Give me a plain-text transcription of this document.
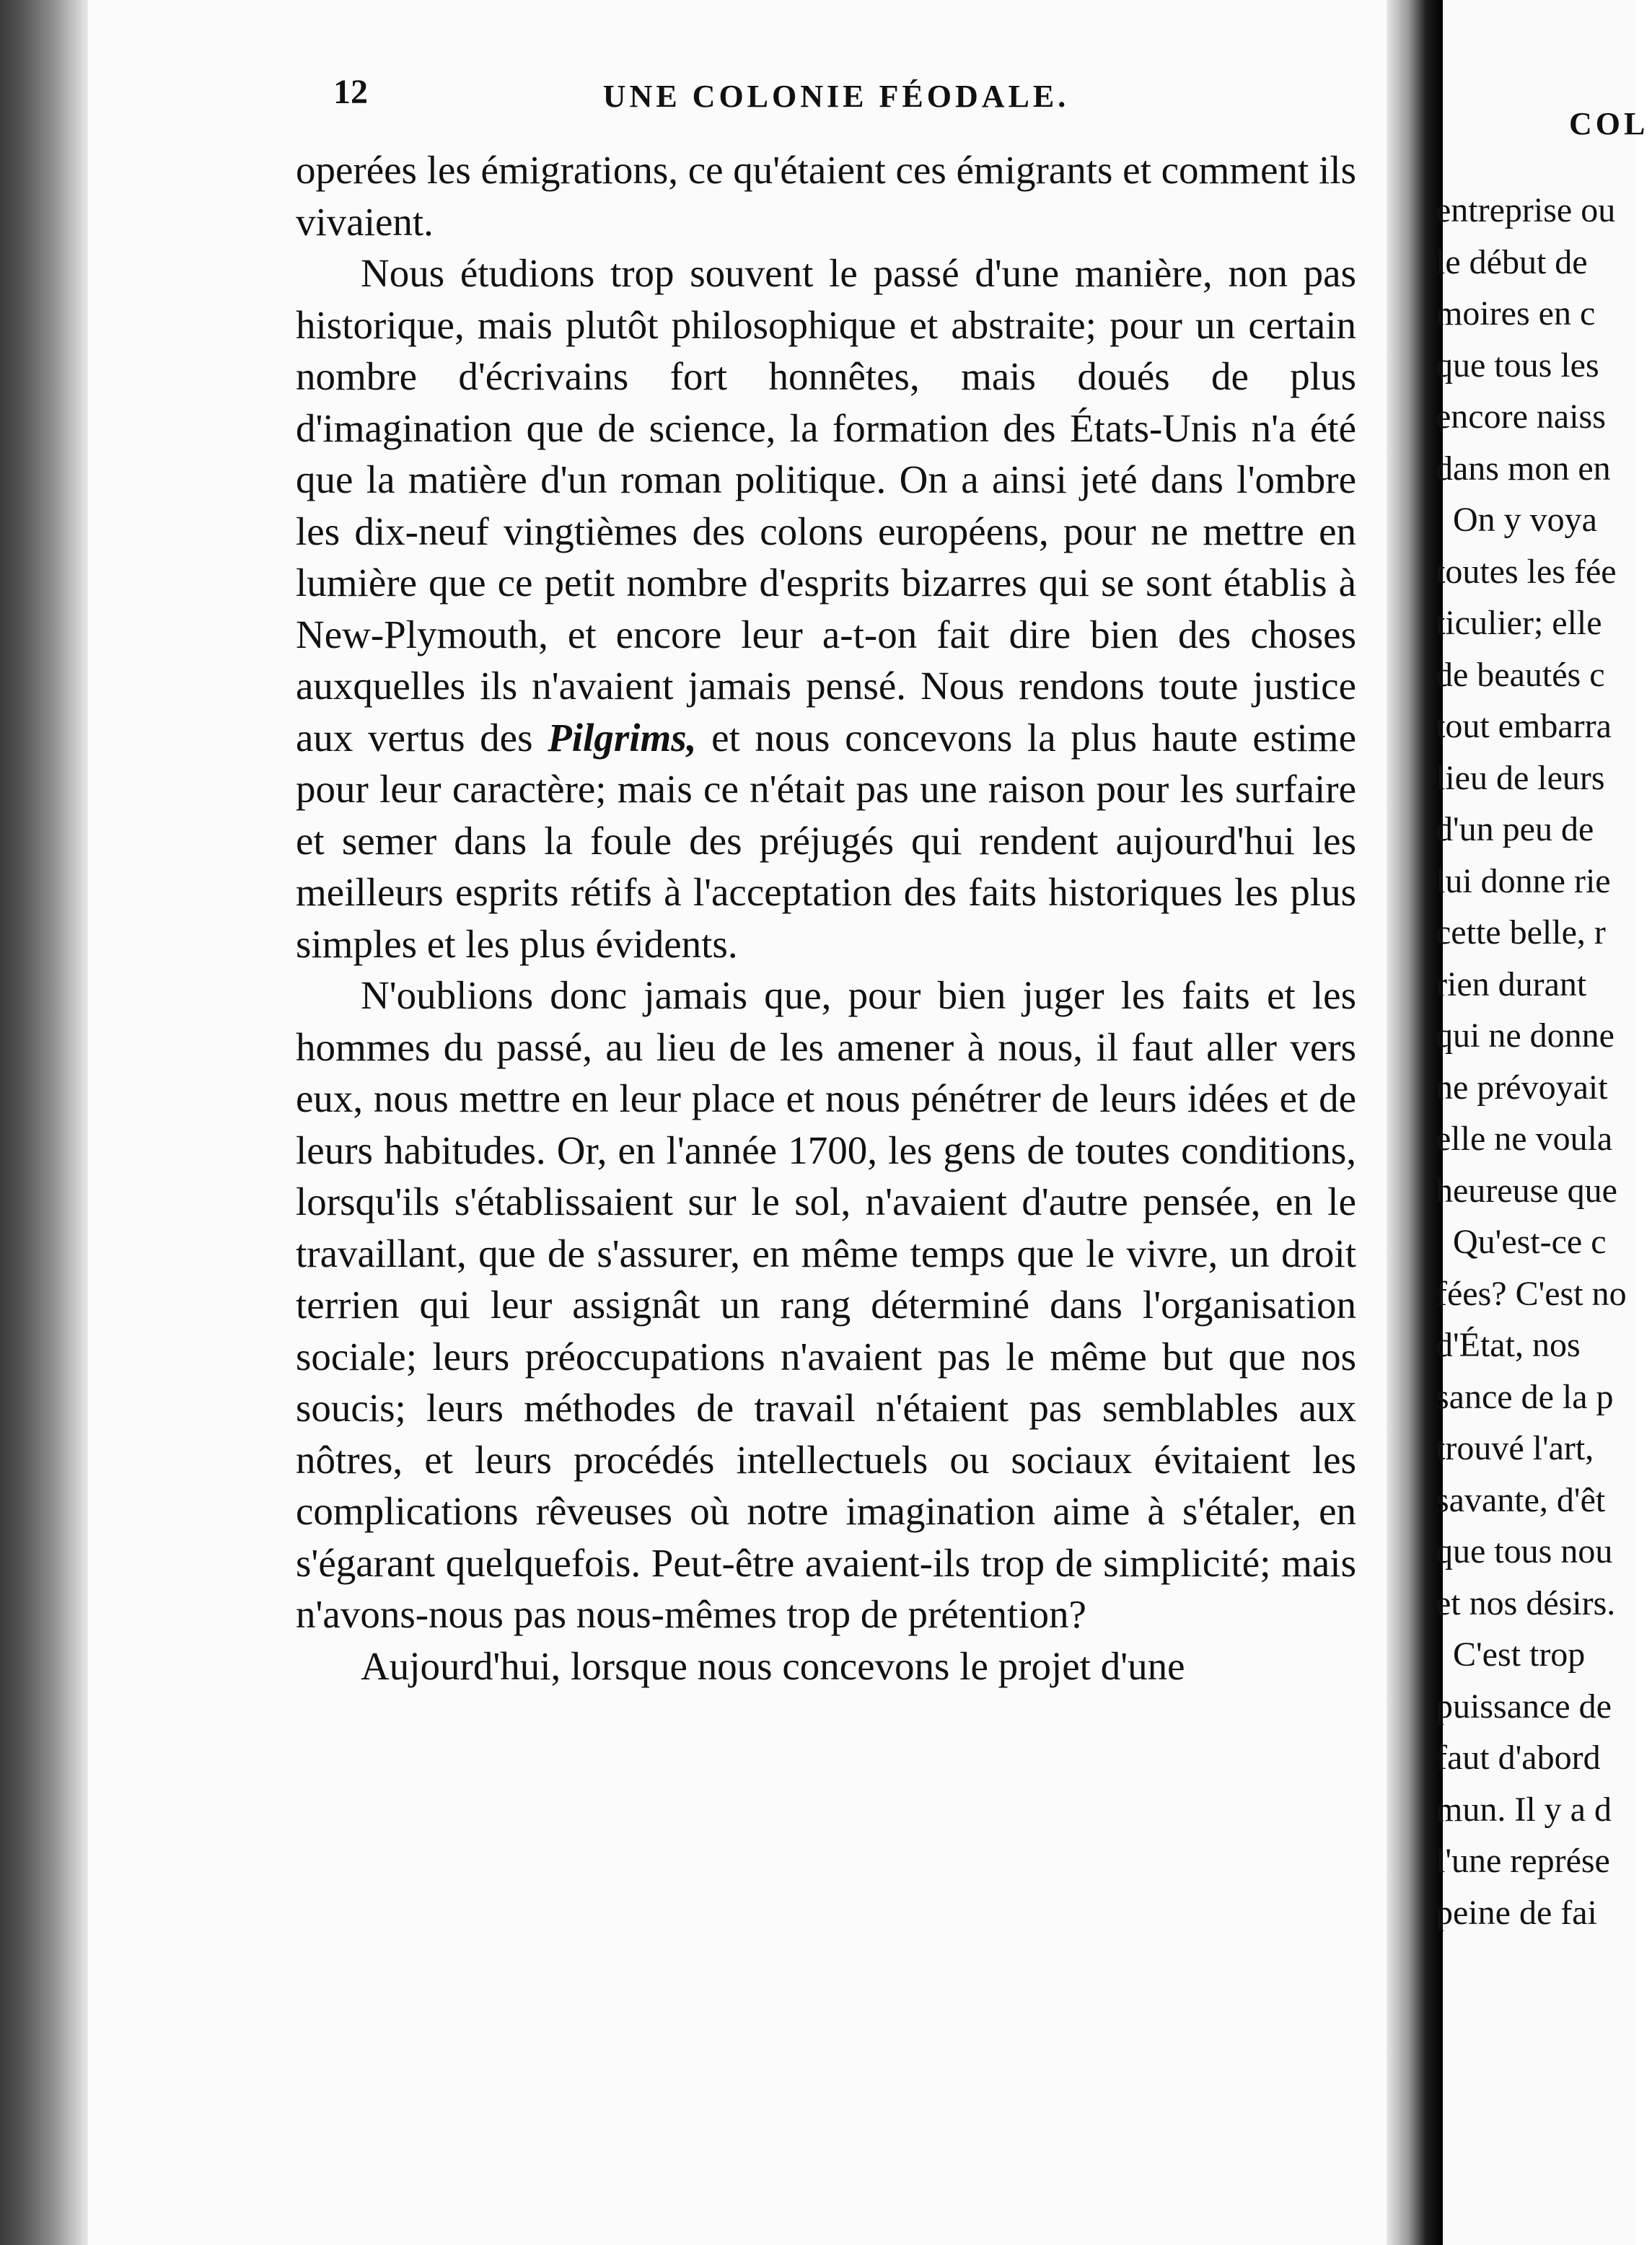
12	UNE COLONIE FÉODALE.

operées les émigrations, ce qu'étaient ces émigrants et comment ils vivaient.

Nous étudions trop souvent le passé d'une manière, non pas historique, mais plutôt philosophique et abstraite; pour un certain nombre d'écrivains fort honnêtes, mais doués de plus d'imagination que de science, la formation des États-Unis n'a été que la matière d'un roman politique. On a ainsi jeté dans l'ombre les dix-neuf vingtièmes des colons européens, pour ne mettre en lumière que ce petit nombre d'esprits bizarres qui se sont établis à New-Plymouth, et encore leur a-t-on fait dire bien des choses auxquelles ils n'avaient jamais pensé. Nous rendons toute justice aux vertus des Pilgrims, et nous concevons la plus haute estime pour leur caractère; mais ce n'était pas une raison pour les surfaire et semer dans la foule des préjugés qui rendent aujourd'hui les meilleurs esprits rétifs à l'acceptation des faits historiques les plus simples et les plus évidents.

N'oublions donc jamais que, pour bien juger les faits et les hommes du passé, au lieu de les amener à nous, il faut aller vers eux, nous mettre en leur place et nous pénétrer de leurs idées et de leurs habitudes. Or, en l'année 1700, les gens de toutes conditions, lorsqu'ils s'établissaient sur le sol, n'avaient d'autre pensée, en le travaillant, que de s'assurer, en même temps que le vivre, un droit terrien qui leur assignât un rang déterminé dans l'organisation sociale; leurs préoccupations n'avaient pas le même but que nos soucis; leurs méthodes de travail n'étaient pas semblables aux nôtres, et leurs procédés intellectuels ou sociaux évitaient les complications rêveuses où notre imagination aime à s'étaler, en s'égarant quelquefois. Peut-être avaient-ils trop de simplicité; mais n'avons-nous pas nous-mêmes trop de prétention?

Aujourd'hui, lorsque nous concevons le projet d'une

COL
entreprise ou
le début de
moires en c
que tous les
encore naiss
dans mon en
On y voya
toutes les fée
ticulier; elle
de beautés c
tout embarra
lieu de leurs
d'un peu de
lui donne rie
cette belle, r
rien durant
qui ne donne
ne prévoyait
elle ne voula
heureuse que
Qu'est-ce c
fées? C'est no
d'État, nos
sance de la p
trouvé l'art,
savante, d'êt
que tous nou
et nos désirs.
C'est trop
puissance de
faut d'abord
mun. Il y a d
l'une représe
peine de fai
